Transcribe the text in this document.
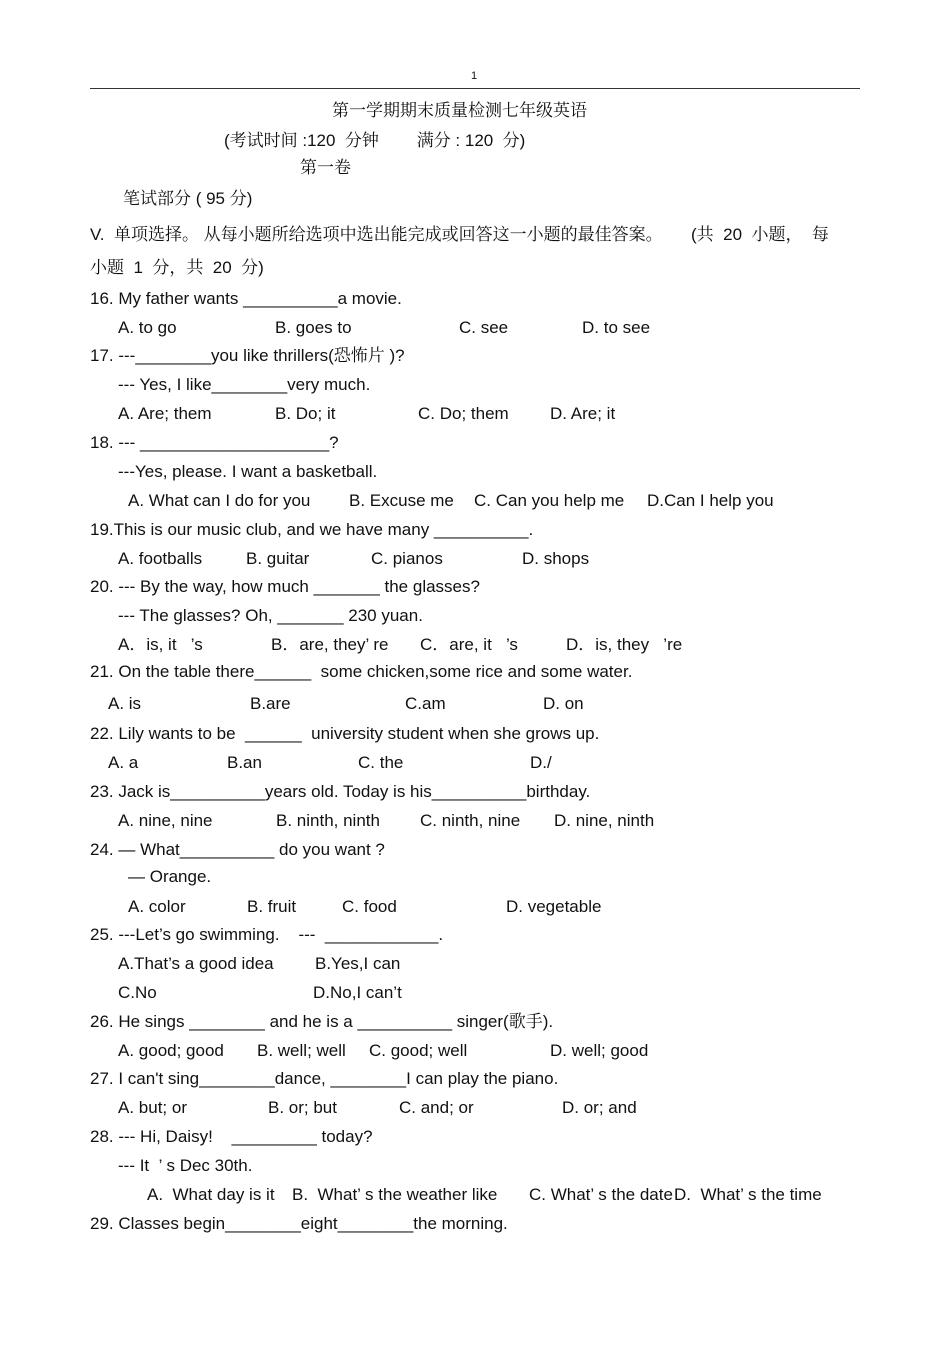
1
第一学期期末质量检测七年级英语
(考试时间 :120  分钟        满分 : 120  分)
第一卷
笔试部分 ( 95 分)
V.  单项选择。 从每小题所给选项中选出能完成或回答这一小题的最佳答案。      (共  20  小题，  每
小题  1  分，共  20  分)
16. My father wants __________a movie.
A. to go	B. goes to	C. see	D. to see
17. ---________you like thrillers(恐怖片 )?
--- Yes, I like________very much.
A. Are; them	B. Do; it	C. Do; them D. Are; it
18. --- ____________________?
---Yes, please. I want a basketball.
A. What can I do for you B. Excuse me C. Can you help me D.Can I help you
19.This is our music club, and we have many __________.
A. footballs	B. guitar	C. pianos	D. shops
20. --- By the way, how much _______ the glasses?
--- The glasses? Oh, _______ 230 yuan.
A．is, it   ’s	B．are, they’ re C．are, it   ’s	D．is, they   ’re
21. On the table there______  some chicken,some rice and some water.
A. is	B.are	C.am	D. on
22. Lily wants to be  ______  university student when she grows up.
A. a	B.an	C. the	D./
23. Jack is__________years old. Today is his__________birthday.
A. nine, nine	B. ninth, ninth C. ninth, nine D. nine, ninth
24. — What__________ do you want ?
— Orange.
A. color	B. fruit	C. food	D. vegetable
25. ---Let’s go swimming.    ---  ____________.
A.That’s a good idea B.Yes,I can
C.No	D.No,I can’t
26. He sings ________ and he is a __________ singer(歌手).
A. good; good B. well; well C. good; well	D. well; good
27. I can't sing________dance, ________I can play the piano.
A. but; or	B. or; but	C. and; or	D. or; and
28. --- Hi, Daisy!    _________ today?
--- It  ’ s Dec 30th.
A.  What day is it B.  What’ s the weather like C. What’ s the date D.  What’ s the time
29. Classes begin________eight________the morning.
